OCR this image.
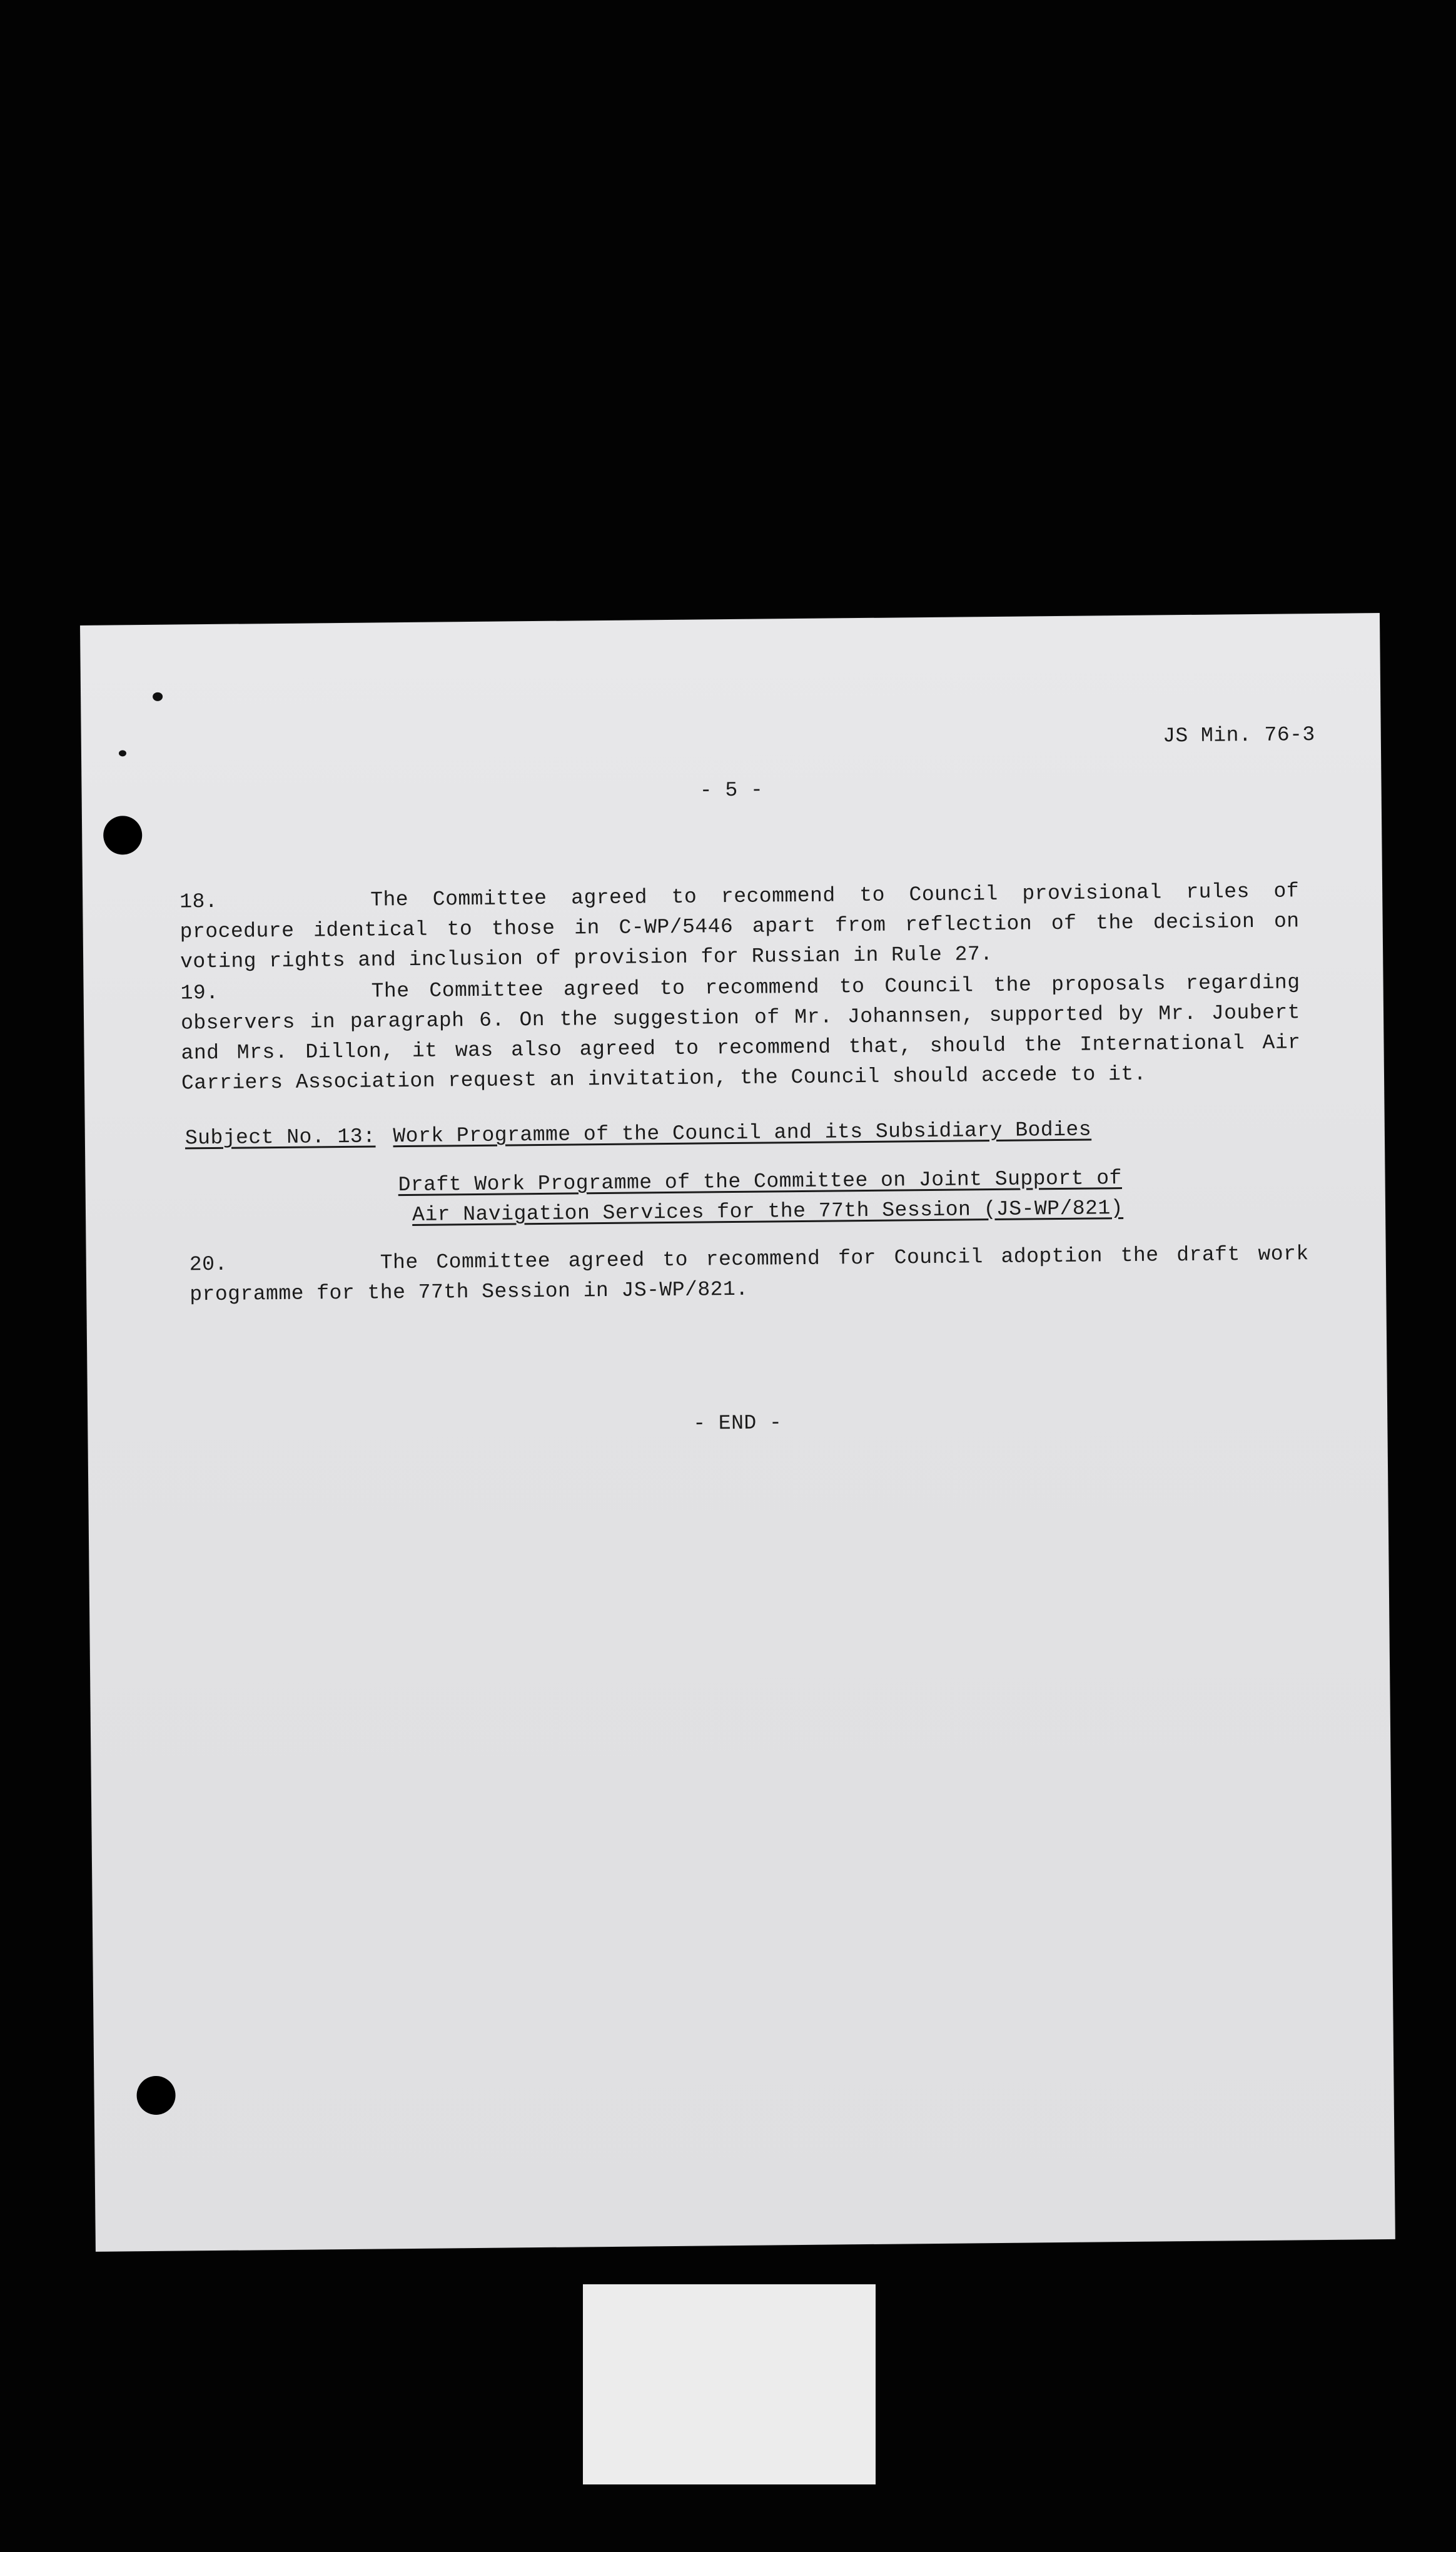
JS Min. 76-3
- 5 -
18.	The Committee agreed to recommend to Council provisional rules of procedure identical to those in C-WP/5446 apart from reflection of the decision on voting rights and inclusion of provision for Russian in Rule 27.
19.	The Committee agreed to recommend to Council the proposals regarding observers in paragraph 6. On the suggestion of Mr. Johannsen, supported by Mr. Joubert and Mrs. Dillon, it was also agreed to recommend that, should the International Air Carriers Association request an invitation, the Council should accede to it.
Subject No. 13: Work Programme of the Council and its Subsidiary Bodies
Draft Work Programme of the Committee on Joint Support of
Air Navigation Services for the 77th Session (JS-WP/821)
20.	The Committee agreed to recommend for Council adoption the draft work programme for the 77th Session in JS-WP/821.
- END -
